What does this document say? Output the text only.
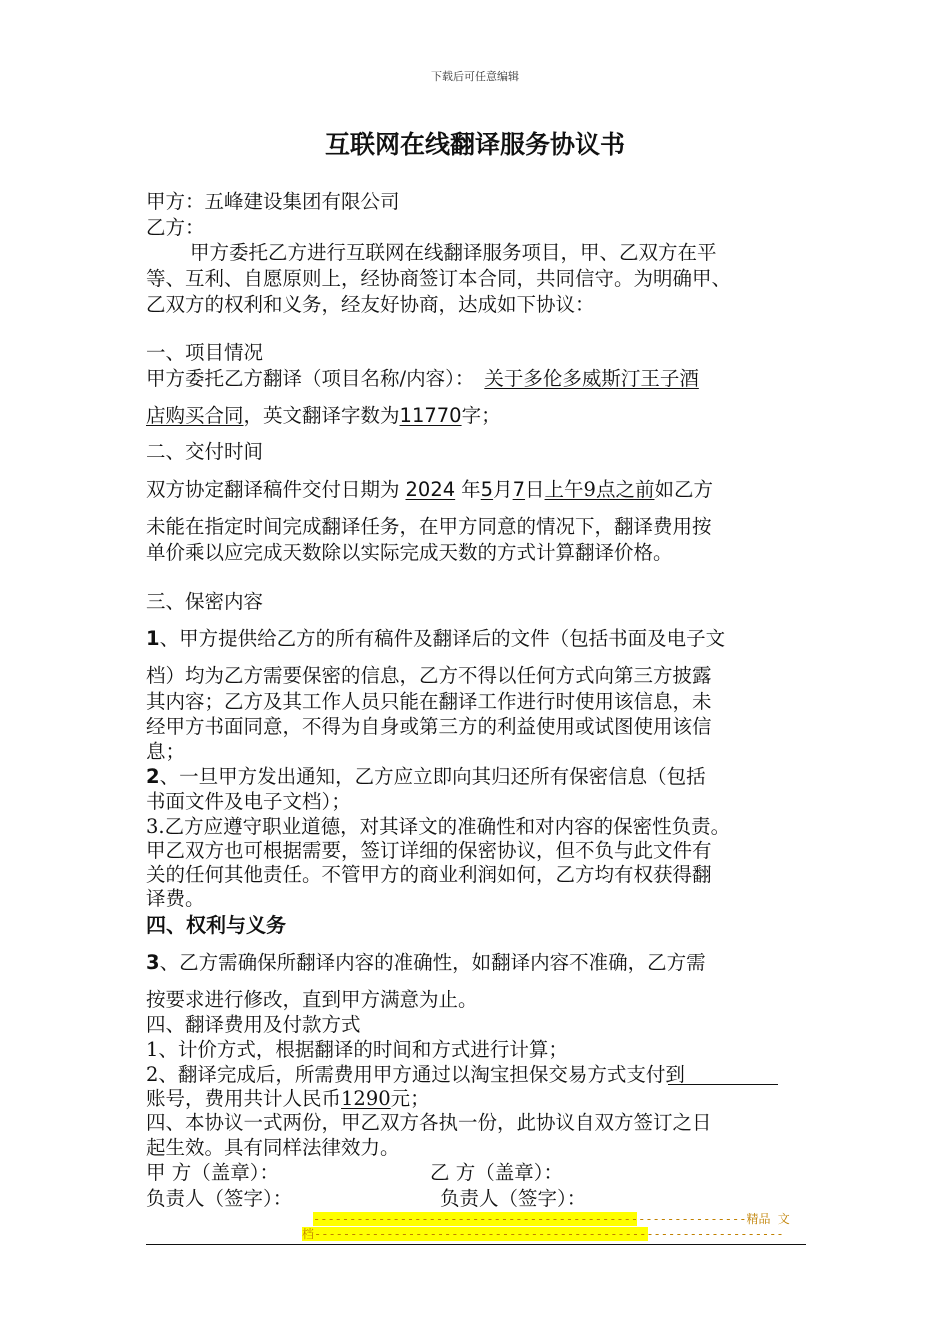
下载后可任意编辑
互联网在线翻译服务协议书
甲方：五峰建设集团有限公司
乙方：
甲方委托乙方进行互联网在线翻译服务项目，甲、乙双方在平
等、互利、自愿原则上，经协商签订本合同，共同信守。为明确甲、
乙双方的权利和义务，经友好协商，达成如下协议：
一、项目情况
甲方委托乙方翻译（项目名称/内容）： 关于多伦多威斯汀王子酒
店购买合同，英文翻译字数为11770字；
二、交付时间
双方协定翻译稿件交付日期为 2024 年5月7日上午9点之前如乙方
未能在指定时间完成翻译任务，在甲方同意的情况下，翻译费用按
单价乘以应完成天数除以实际完成天数的方式计算翻译价格。
三、保密内容
1、甲方提供给乙方的所有稿件及翻译后的文件（包括书面及电子文
档）均为乙方需要保密的信息，乙方不得以任何方式向第三方披露
其内容；乙方及其工作人员只能在翻译工作进行时使用该信息，未
经甲方书面同意，不得为自身或第三方的利益使用或试图使用该信
息；
2、一旦甲方发出通知，乙方应立即向其归还所有保密信息（包括
书面文件及电子文档）；
3.乙方应遵守职业道德，对其译文的准确性和对内容的保密性负责。
甲乙双方也可根据需要，签订详细的保密协议，但不负与此文件有
关的任何其他责任。不管甲方的商业利润如何，乙方均有权获得翻
译费。
四、权利与义务
3、乙方需确保所翻译内容的准确性，如翻译内容不准确，乙方需
按要求进行修改，直到甲方满意为止。
四、翻译费用及付款方式
1、计价方式，根据翻译的时间和方式进行计算；
2、翻译完成后，所需费用甲方通过以淘宝担保交易方式支付到
账号，费用共计人民币1290元；
四、本协议一式两份，甲乙双方各执一份，此协议自双方签订之日
起生效。具有同样法律效力。
甲 方（盖章）：	乙 方（盖章）：
负责人（签字）：	负责人（签字）：
------------------------------------------------------------精品 文
档-----------------------------------------------------------------
